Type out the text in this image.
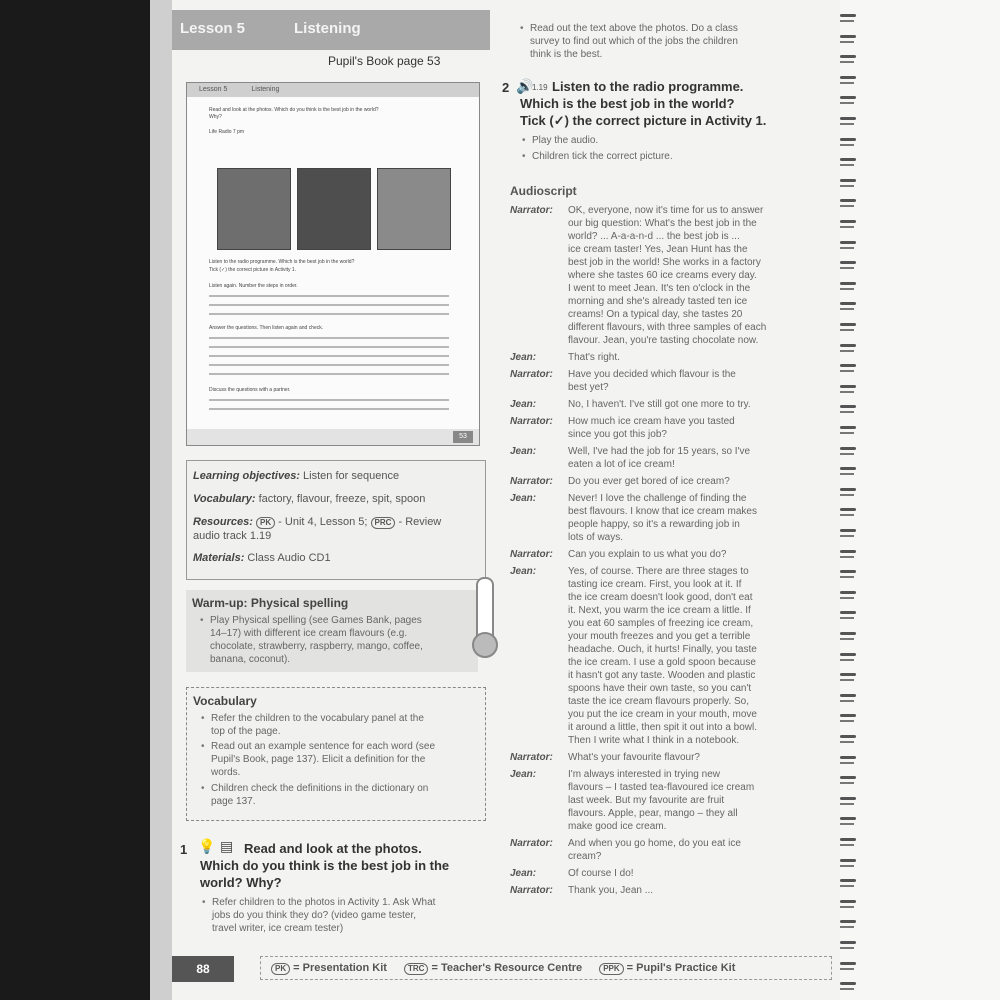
Lesson 5	Listening
Pupil's Book page 53
Lesson 5	Listening
Read and look at the photos. Which do you think is the best job in the world? Why?
Life Radio 7 pm
Listen to the radio programme. Which is the best job in the world?
Tick (✓) the correct picture in Activity 1.
Listen again. Number the steps in order.
Answer the questions. Then listen again and check.
Discuss the questions with a partner.
53

Learning objectives: Listen for sequence

Vocabulary: factory, flavour, freeze, spit, spoon

Resources: PK - Unit 4, Lesson 5; PRC - Review

audio track 1.19

Materials: Class Audio CD1

Warm-up: Physical spelling
• Play Physical spelling (see Games Bank, pages
14–17) with different ice cream flavours (e.g.
chocolate, strawberry, raspberry, mango, coffee,
banana, coconut).
Vocabulary
• Refer the children to the vocabulary panel at the
top of the page.
• Read out an example sentence for each word (see
Pupil's Book, page 137). Elicit a definition for the
words.
• Children check the definitions in the dictionary on
page 137.
1 💡 ▤ Read and look at the photos.
Which do you think is the best job in the
world? Why?
• Refer children to the photos in Activity 1. Ask What
jobs do you think they do? (video game tester,
travel writer, ice cream tester)
• Read out the text above the photos. Do a class
survey to find out which of the jobs the children
think is the best.
2 🔊
1.19 Listen to the radio programme.
Which is the best job in the world?
Tick (✓) the correct picture in Activity 1.
• Play the audio.
• Children tick the correct picture.
Audioscript
Narrator: OK, everyone, now it's time for us to answer
our big question: What's the best job in the
world? ... A-a-a-n-d ... the best job is ...
ice cream taster! Yes, Jean Hunt has the
best job in the world! She works in a factory
where she tastes 60 ice creams every day.
I went to meet Jean. It's ten o'clock in the
morning and she's already tasted ten ice
creams! On a typical day, she tastes 20
different flavours, with three samples of each
flavour. Jean, you're tasting chocolate now.
Jean:	That's right.
Narrator: Have you decided which flavour is the
best yet?
Jean:	No, I haven't. I've still got one more to try.
Narrator: How much ice cream have you tasted
since you got this job?
Jean:	Well, I've had the job for 15 years, so I've
eaten a lot of ice cream!
Narrator: Do you ever get bored of ice cream?
Jean:	Never! I love the challenge of finding the
best flavours. I know that ice cream makes
people happy, so it's a rewarding job in
lots of ways.
Narrator: Can you explain to us what you do?
Jean:	Yes, of course. There are three stages to
tasting ice cream. First, you look at it. If
the ice cream doesn't look good, don't eat
it. Next, you warm the ice cream a little. If
you eat 60 samples of freezing ice cream,
your mouth freezes and you get a terrible
headache. Ouch, it hurts! Finally, you taste
the ice cream. I use a gold spoon because
it hasn't got any taste. Wooden and plastic
spoons have their own taste, so you can't
taste the ice cream flavours properly. So,
you put the ice cream in your mouth, move
it around a little, then spit it out into a bowl.
Then I write what I think in a notebook.
Narrator: What's your favourite flavour?
Jean:	I'm always interested in trying new
flavours – I tasted tea-flavoured ice cream
last week. But my favourite are fruit
flavours. Apple, pear, mango – they all
make good ice cream.
Narrator: And when you go home, do you eat ice
cream?
Jean:	Of course I do!
Narrator: Thank you, Jean ...
88	PK = Presentation Kit	TRC = Teacher's Resource Centre	PPK = Pupil's Practice Kit
